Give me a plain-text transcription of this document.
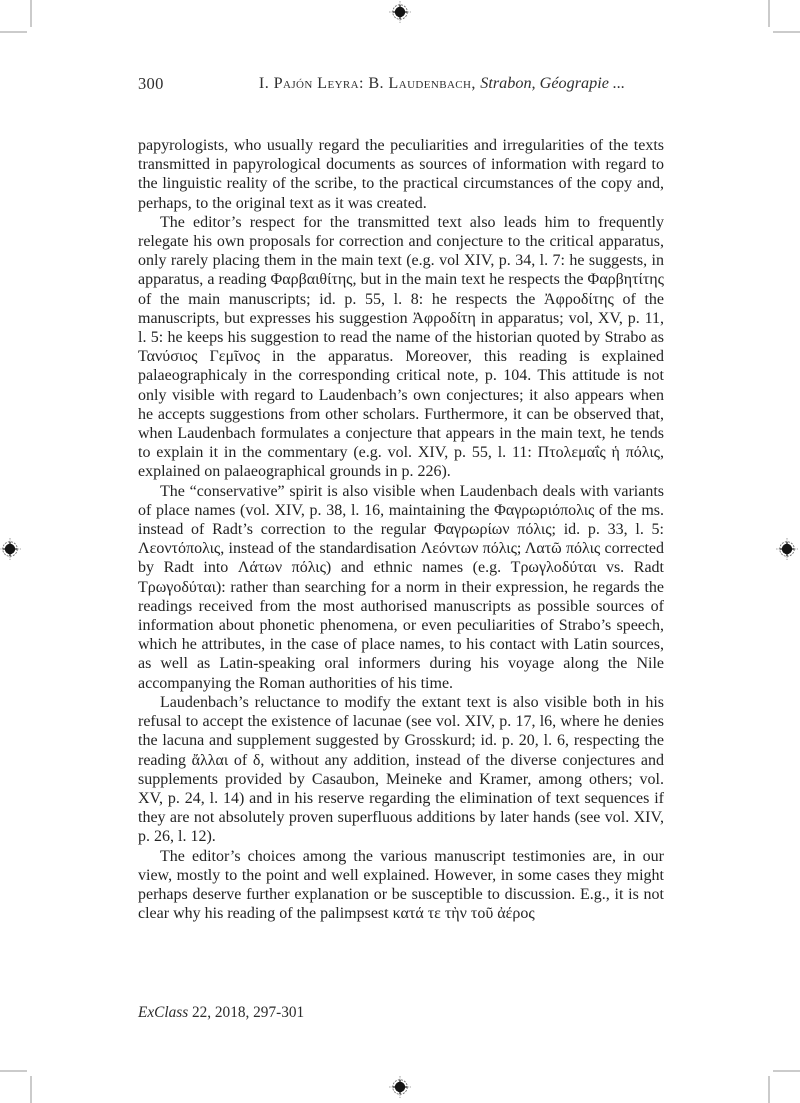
300	I. Pajón Leyra: B. Laudenbach, Strabon, Géograpie ...

papyrologists, who usually regard the peculiarities and irregularities of the texts transmitted in papyrological documents as sources of information with regard to the linguistic reality of the scribe, to the practical circumstances of the copy and, perhaps, to the original text as it was created.

The editor’s respect for the transmitted text also leads him to frequently relegate his own proposals for correction and conjecture to the critical apparatus, only rarely placing them in the main text (e.g. vol XIV, p. 34, l. 7: he suggests, in apparatus, a reading Φαρβαιθίτης, but in the main text he respects the Φαρβητίτης of the main manuscripts; id. p. 55, l. 8: he respects the Ἀφροδίτης of the manuscripts, but expresses his suggestion Ἀφροδίτη in apparatus; vol, XV, p. 11, l. 5: he keeps his suggestion to read the name of the historian quoted by Strabo as Τανύσιος Γεμῖνος in the apparatus. Moreover, this reading is explained palaeographicaly in the corresponding critical note, p. 104. This attitude is not only visible with regard to Laudenbach’s own conjectures; it also appears when he accepts suggestions from other scholars. Furthermore, it can be observed that, when Laudenbach formulates a conjecture that appears in the main text, he tends to explain it in the commentary (e.g. vol. XIV, p. 55, l. 11: Πτολεμαΐς ἡ πόλις, explained on palaeographical grounds in p. 226).

The “conservative” spirit is also visible when Laudenbach deals with variants of place names (vol. XIV, p. 38, l. 16, maintaining the Φαγρωριόπολις of the ms. instead of Radt’s correction to the regular Φαγρωρίων πόλις; id. p. 33, l. 5: Λεοντόπολις, instead of the standardisation Λεόντων πόλις; Λατῶ πόλις corrected by Radt into Λάτων πόλις) and ethnic names (e.g. Τρωγλοδύται vs. Radt Τρωγοδύται): rather than searching for a norm in their expression, he regards the readings received from the most authorised manuscripts as possible sources of information about phonetic phenomena, or even peculiarities of Strabo’s speech, which he attributes, in the case of place names, to his contact with Latin sources, as well as Latin-speaking oral informers during his voyage along the Nile accompanying the Roman authorities of his time.

Laudenbach’s reluctance to modify the extant text is also visible both in his refusal to accept the existence of lacunae (see vol. XIV, p. 17, l6, where he denies the lacuna and supplement suggested by Grosskurd; id. p. 20, l. 6, respecting the reading ἄλλαι of δ, without any addition, instead of the diverse conjectures and supplements provided by Casaubon, Meineke and Kramer, among others; vol. XV, p. 24, l. 14) and in his reserve regarding the elimination of text sequences if they are not absolutely proven superfluous additions by later hands (see vol. XIV, p. 26, l. 12).

The editor’s choices among the various manuscript testimonies are, in our view, mostly to the point and well explained. However, in some cases they might perhaps deserve further explanation or be susceptible to discussion. E.g., it is not clear why his reading of the palimpsest κατά τε τὴν τοῦ ἀέρος

ExClass 22, 2018, 297-301
